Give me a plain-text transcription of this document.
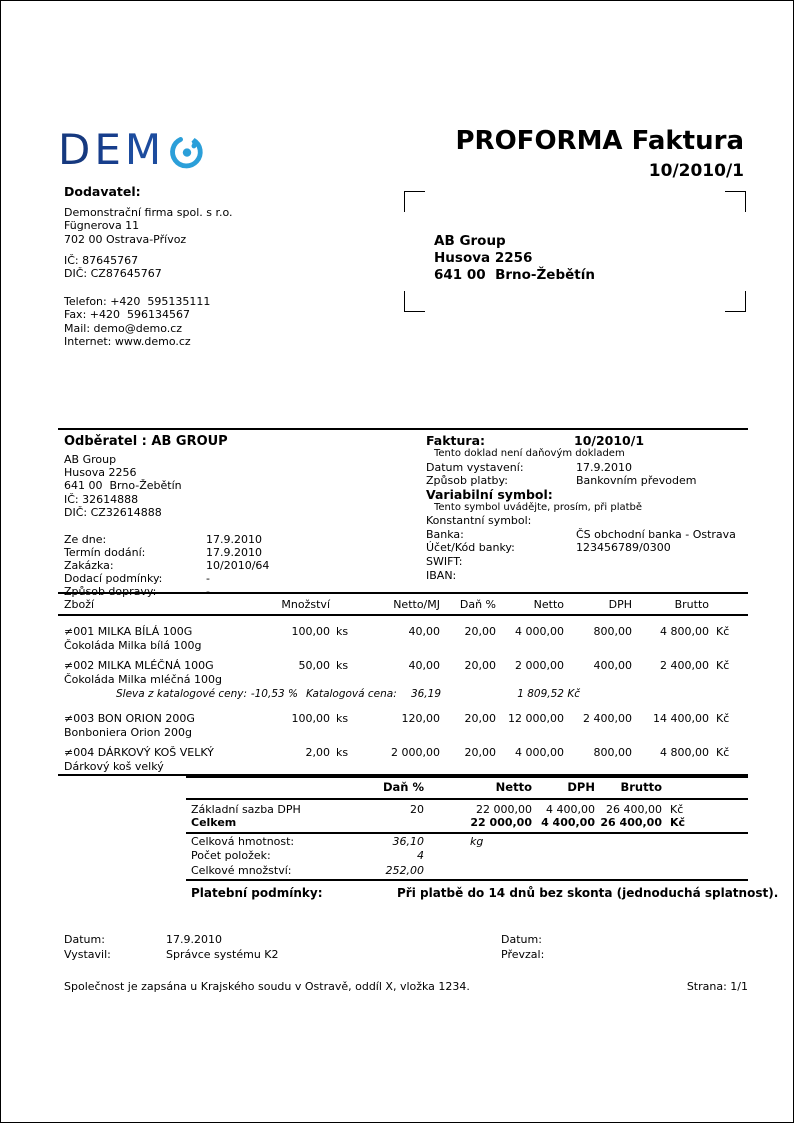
D E M	PROFORMA Faktura
10/2010/1
Dodavatel:
Demonstrační firma spol. s r.o.
Fügnerova 11
702 00 Ostrava-Přívoz
IČ: 87645767
DIČ: CZ87645767
Telefon: +420  595135111
Fax: +420  596134567
Mail: demo@demo.cz
Internet: www.demo.cz
AB Group
Husova 2256
641 00  Brno-Žebětín
Odběratel : AB GROUP
AB Group
Husova 2256
641 00  Brno-Žebětín
IČ: 32614888
DIČ: CZ32614888
Ze dne:	17.9.2010
Termín dodání:	17.9.2010
Zakázka:	10/2010/64
Dodací podmínky:	-
Způsob dopravy:	-
Faktura:	10/2010/1
Tento doklad není daňovým dokladem
Datum vystavení:	17.9.2010
Způsob platby:	Bankovním převodem
Variabilní symbol:
Tento symbol uvádějte, prosím, při platbě
Konstantní symbol:
Banka:	ČS obchodní banka - Ostrava
Účet/Kód banky:	123456789/0300
SWIFT:
IBAN:
Zboží	Množství		Netto/MJ	Daň %	Netto	DPH	Brutto	
≠001 MILKA BÍLÁ 100G	100,00	ks	40,00	20,00	4 000,00	800,00	4 800,00	Kč
Čokoláda Milka bílá 100g								
≠002 MILKA MLÉČNÁ 100G	50,00	ks	40,00	20,00	2 000,00	400,00	2 400,00	Kč
Čokoláda Milka mléčná 100g								

Sleva z katalogové ceny: -10,53 % Katalogová cena: 36,19 1 809,52 Kč								

≠003 BON ORION 200G	100,00	ks	120,00	20,00	12 000,00	2 400,00	14 400,00	Kč
Bonboniera Orion 200g								
≠004 DÁRKOVÝ KOŠ VELKÝ	2,00	ks	2 000,00	20,00	4 000,00	800,00	4 800,00	Kč
Dárkový koš velký								
	Daň %	Netto	DPH	Brutto	
Základní sazba DPH	20	22 000,00	4 400,00	26 400,00	Kč
Celkem		22 000,00	4 400,00	26 400,00	Kč
Celková hmotnost:	36,10	kg			
Počet položek:	4				
Celkové množství:	252,00				
Platební podmínky:	Při platbě do 14 dnů bez skonta (jednoduchá splatnost).				
Datum:	17.9.2010	Datum:
Vystavil:	Správce systému K2	Převzal:
Společnost je zapsána u Krajského soudu v Ostravě, oddíl X, vložka 1234.	Strana: 1/1
